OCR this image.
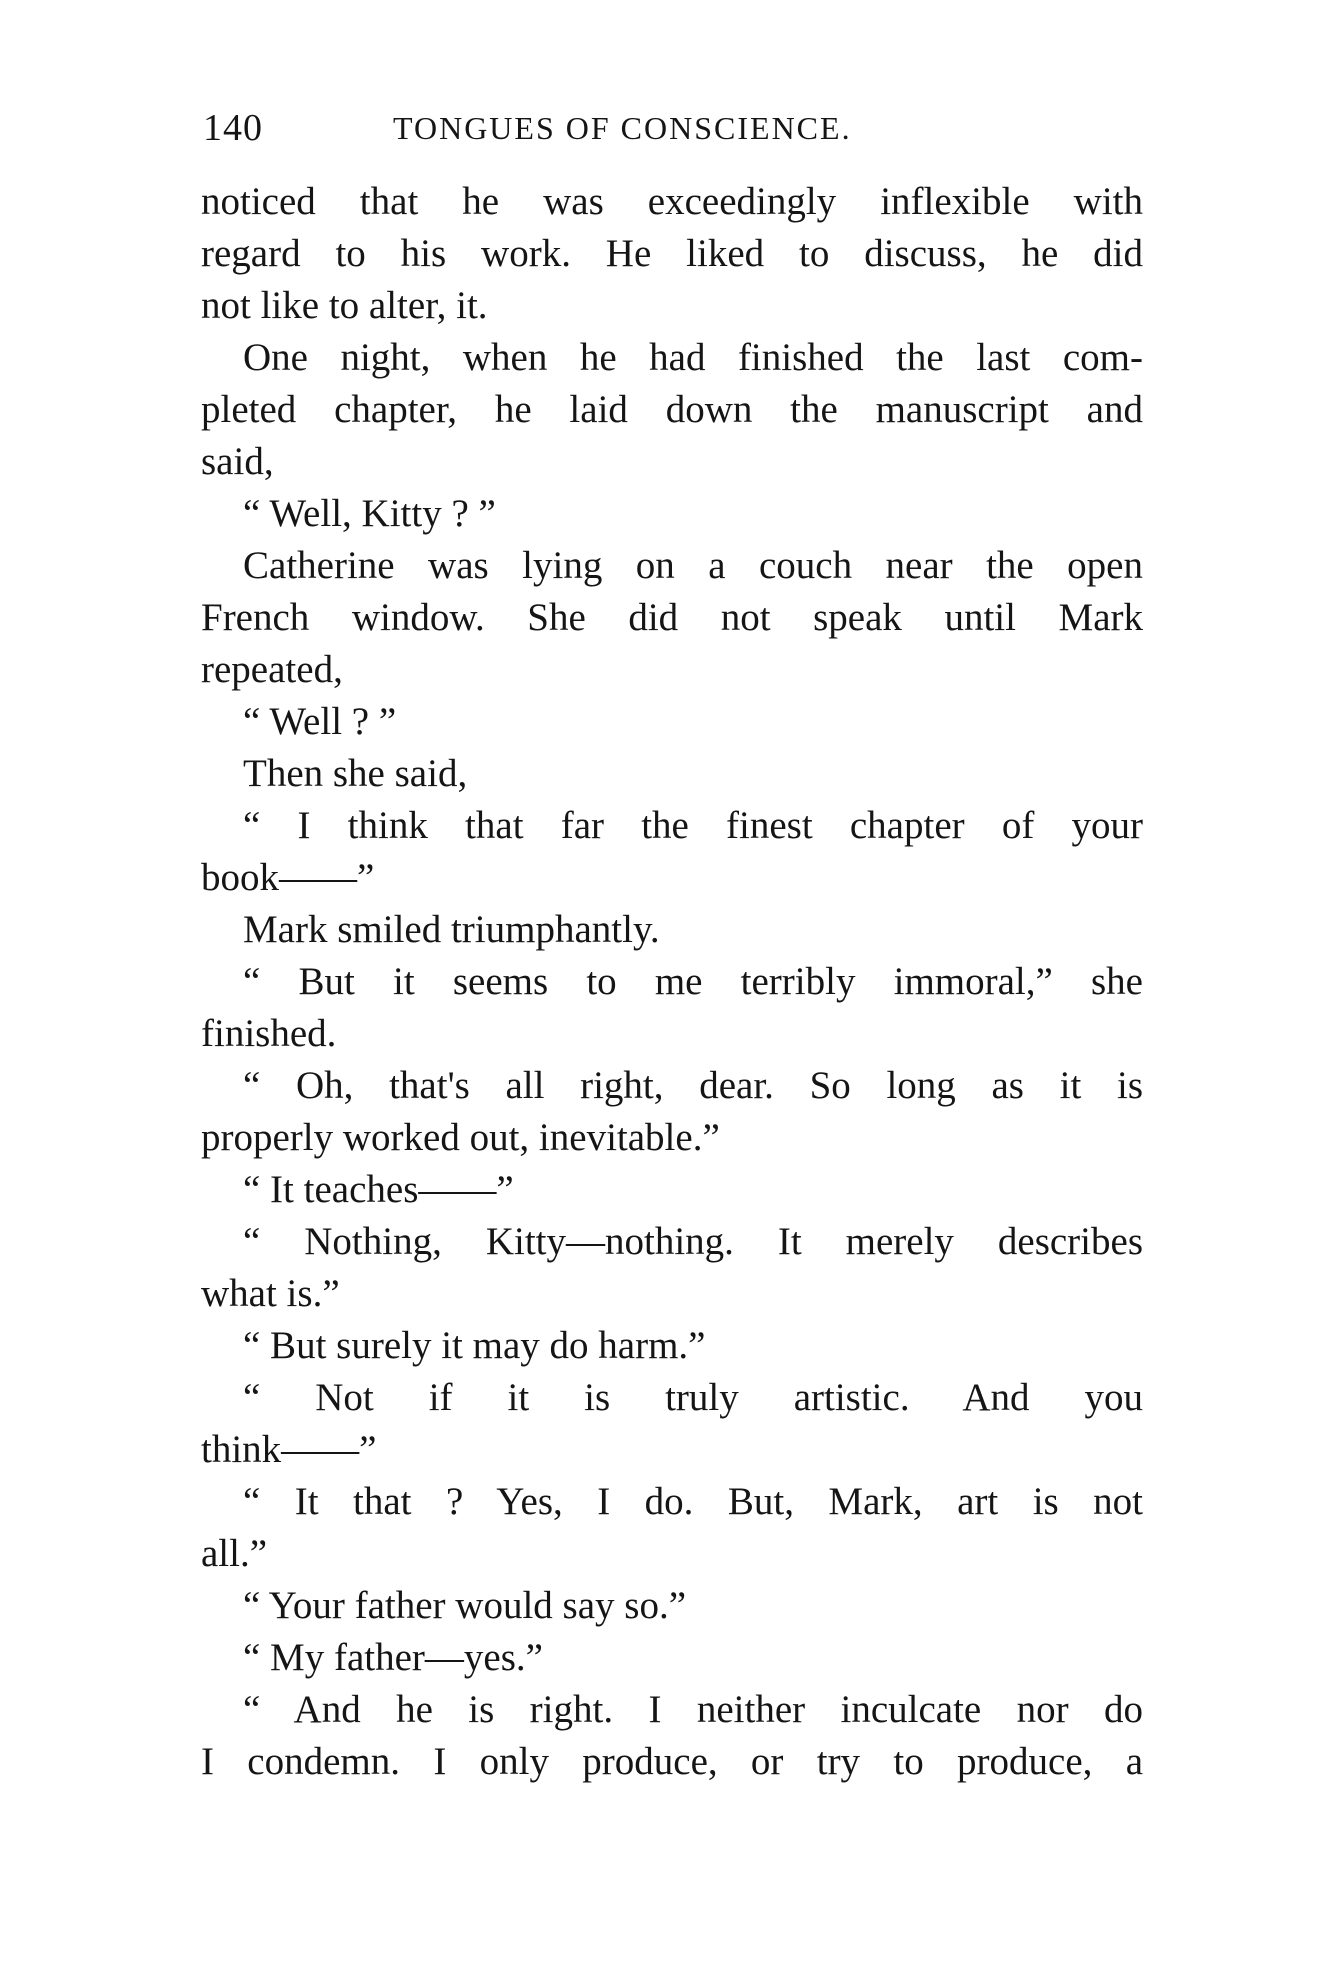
140	TONGUES OF CONSCIENCE.
noticed that he was exceedingly inflexible with
regard to his work. He liked to discuss, he did
not like to alter, it.
One night, when he had finished the last com-
pleted chapter, he laid down the manuscript and
said,
“ Well, Kitty ? ”
Catherine was lying on a couch near the open
French window. She did not speak until Mark
repeated,
“ Well ? ”
Then she said,
“ I think that far the finest chapter of your
book——”
Mark smiled triumphantly.
“ But it seems to me terribly immoral,” she
finished.
“ Oh, that's all right, dear. So long as it is
properly worked out, inevitable.”
“ It teaches——”
“ Nothing, Kitty––nothing. It merely describes
what is.”
“ But surely it may do harm.”
“ Not if it is truly artistic. And you
think——”
“ It that ? Yes, I do. But, Mark, art is not
all.”
“ Your father would say so.”
“ My father—yes.”
“ And he is right. I neither inculcate nor do
I condemn. I only produce, or try to produce, a
